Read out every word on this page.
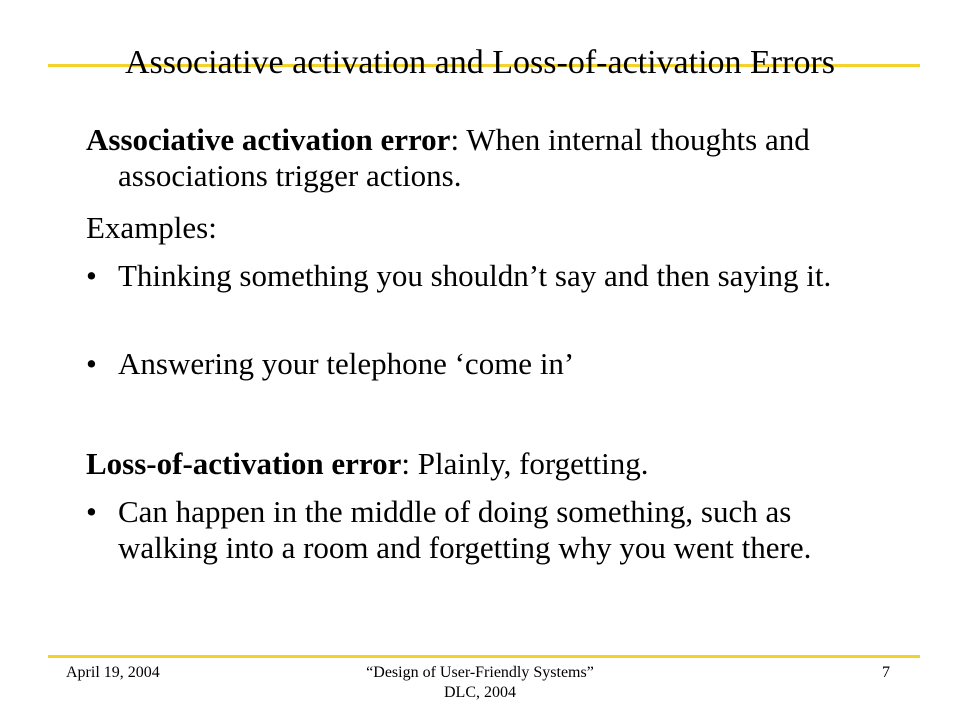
Associative activation and Loss-of-activation Errors
Associative activation error: When internal thoughts and associations trigger actions.
Examples:
• Thinking something you shouldn’t say and then saying it.
• Answering your telephone ‘come in’
Loss-of-activation error: Plainly, forgetting.
• Can happen in the middle of doing something, such as walking into a room and forgetting why you went there.
April 19, 2004	“Design of User-Friendly Systems”
DLC, 2004
7
